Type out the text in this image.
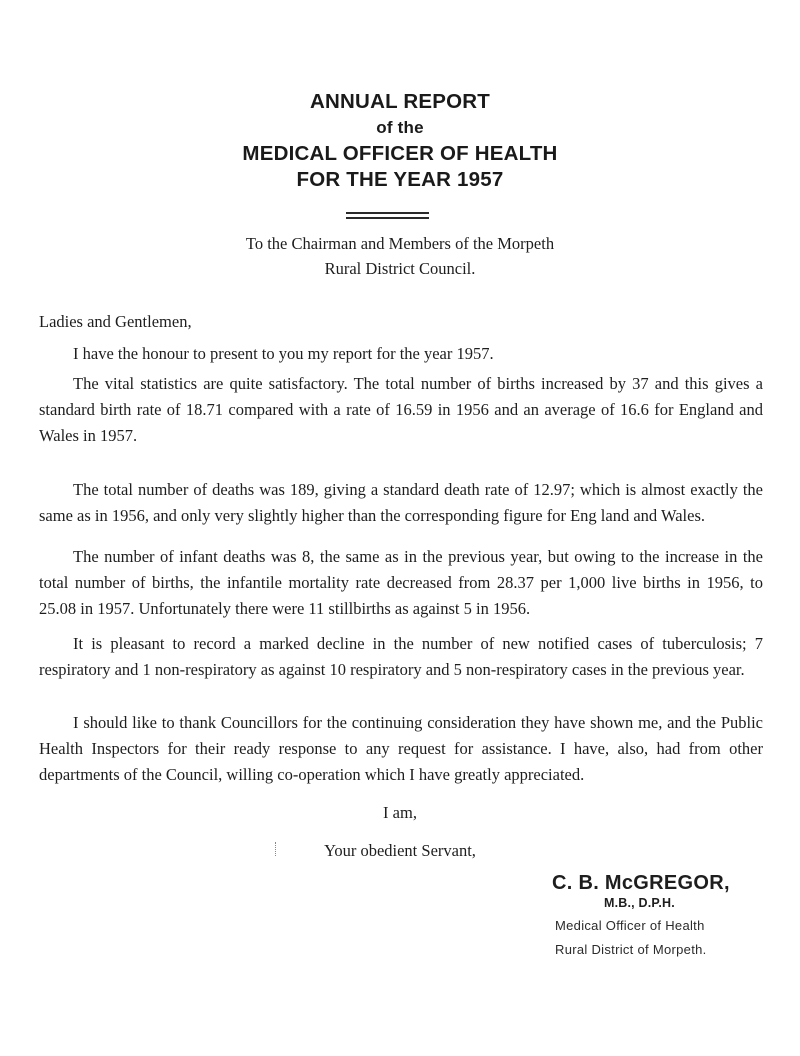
ANNUAL REPORT
of the
MEDICAL OFFICER OF HEALTH
FOR THE YEAR 1957
To the Chairman and Members of the Morpeth
Rural District Council.
Ladies and Gentlemen,

I have the honour to present to you my report for the year 1957.

The vital statistics are quite satisfactory. The total number of births increased by 37 and this gives a standard birth rate of 18.71 compared with a rate of 16.59 in 1956 and an average of 16.6 for England and Wales in 1957.

The total number of deaths was 189, giving a standard death rate of 12.97; which is almost exactly the same as in 1956, and only very slightly higher than the corresponding figure for Eng land and Wales.

The number of infant deaths was 8, the same as in the previous year, but owing to the increase in the total number of births, the infantile mortality rate decreased from 28.37 per 1,000 live births in 1956, to 25.08 in 1957. Unfortunately there were 11 stillbirths as against 5 in 1956.

It is pleasant to record a marked decline in the number of new notified cases of tuberculosis; 7 respiratory and 1 non-respiratory as against 10 respiratory and 5 non-respiratory cases in the previous year.

I should like to thank Councillors for the continuing consideration they have shown me, and the Public Health Inspectors for their ready response to any request for assistance. I have, also, had from other departments of the Council, willing co-operation which I have greatly appreciated.

I am,
Your obedient Servant,
C. B. McGREGOR,
M.B., D.P.H.
Medical Officer of Health
Rural District of Morpeth.
